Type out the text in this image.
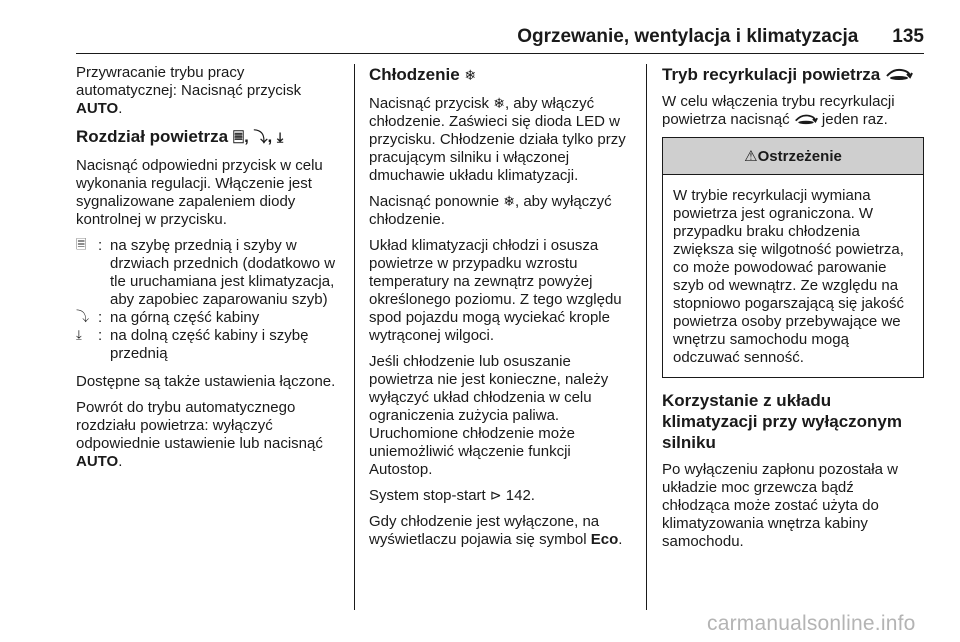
Ogrzewanie, wentylacja i klimatyzacja 135

Przywracanie trybu pracy automatycznej: Nacisnąć przycisk AUTO.

Rozdział powietrza 🗏, ⤵, ⤓

Nacisnąć odpowiedni przycisk w celu wykonania regulacji. Włączenie jest sygnalizowane zapaleniem diody kontrolnej w przycisku.

🗏 : na szybę przednią i szyby w drzwiach przednich (dodatkowo w tle uruchamiana jest klimatyzacja, aby zapobiec zaparowaniu szyb)
⤵ : na górną część kabiny
⤓	: na dolną część kabiny i szybę przednią

Dostępne są także ustawienia łączone.

Powrót do trybu automatycznego rozdziału powietrza: wyłączyć odpowiednie ustawienie lub nacisnąć AUTO.

Chłodzenie ❄

Nacisnąć przycisk ❄, aby włączyć chłodzenie. Zaświeci się dioda LED w przycisku. Chłodzenie działa tylko przy pracującym silniku i włączonej dmuchawie układu klimatyzacji.

Nacisnąć ponownie ❄, aby wyłączyć chłodzenie.

Układ klimatyzacji chłodzi i osusza powietrze w przypadku wzrostu temperatury na zewnątrz powyżej określonego poziomu. Z tego względu spod pojazdu mogą wyciekać krople wytrąconej wilgoci.

Jeśli chłodzenie lub osuszanie powietrza nie jest konieczne, należy wyłączyć układ chłodzenia w celu ograniczenia zużycia paliwa. Uruchomione chłodzenie może uniemożliwić włączenie funkcji Autostop.

System stop-start ⊳ 142.

Gdy chłodzenie jest wyłączone, na wyświetlaczu pojawia się symbol Eco.

Tryb recyrkulacji powietrza

W celu włączenia trybu recyrkulacji powietrza nacisnąć  jeden raz.

⚠Ostrzeżenie
W trybie recyrkulacji wymiana powietrza jest ograniczona. W przypadku braku chłodzenia zwiększa się wilgotność powietrza, co może powodować parowanie szyb od wewnątrz. Ze względu na stopniowo pogarszającą się jakość powietrza osoby przebywające we wnętrzu samochodu mogą odczuwać senność.
Korzystanie z układu klimatyzacji przy wyłączonym silniku

Po wyłączeniu zapłonu pozostała w układzie moc grzewcza bądź chłodząca może zostać użyta do klimatyzowania wnętrza kabiny samochodu.

carmanualsonline.info
